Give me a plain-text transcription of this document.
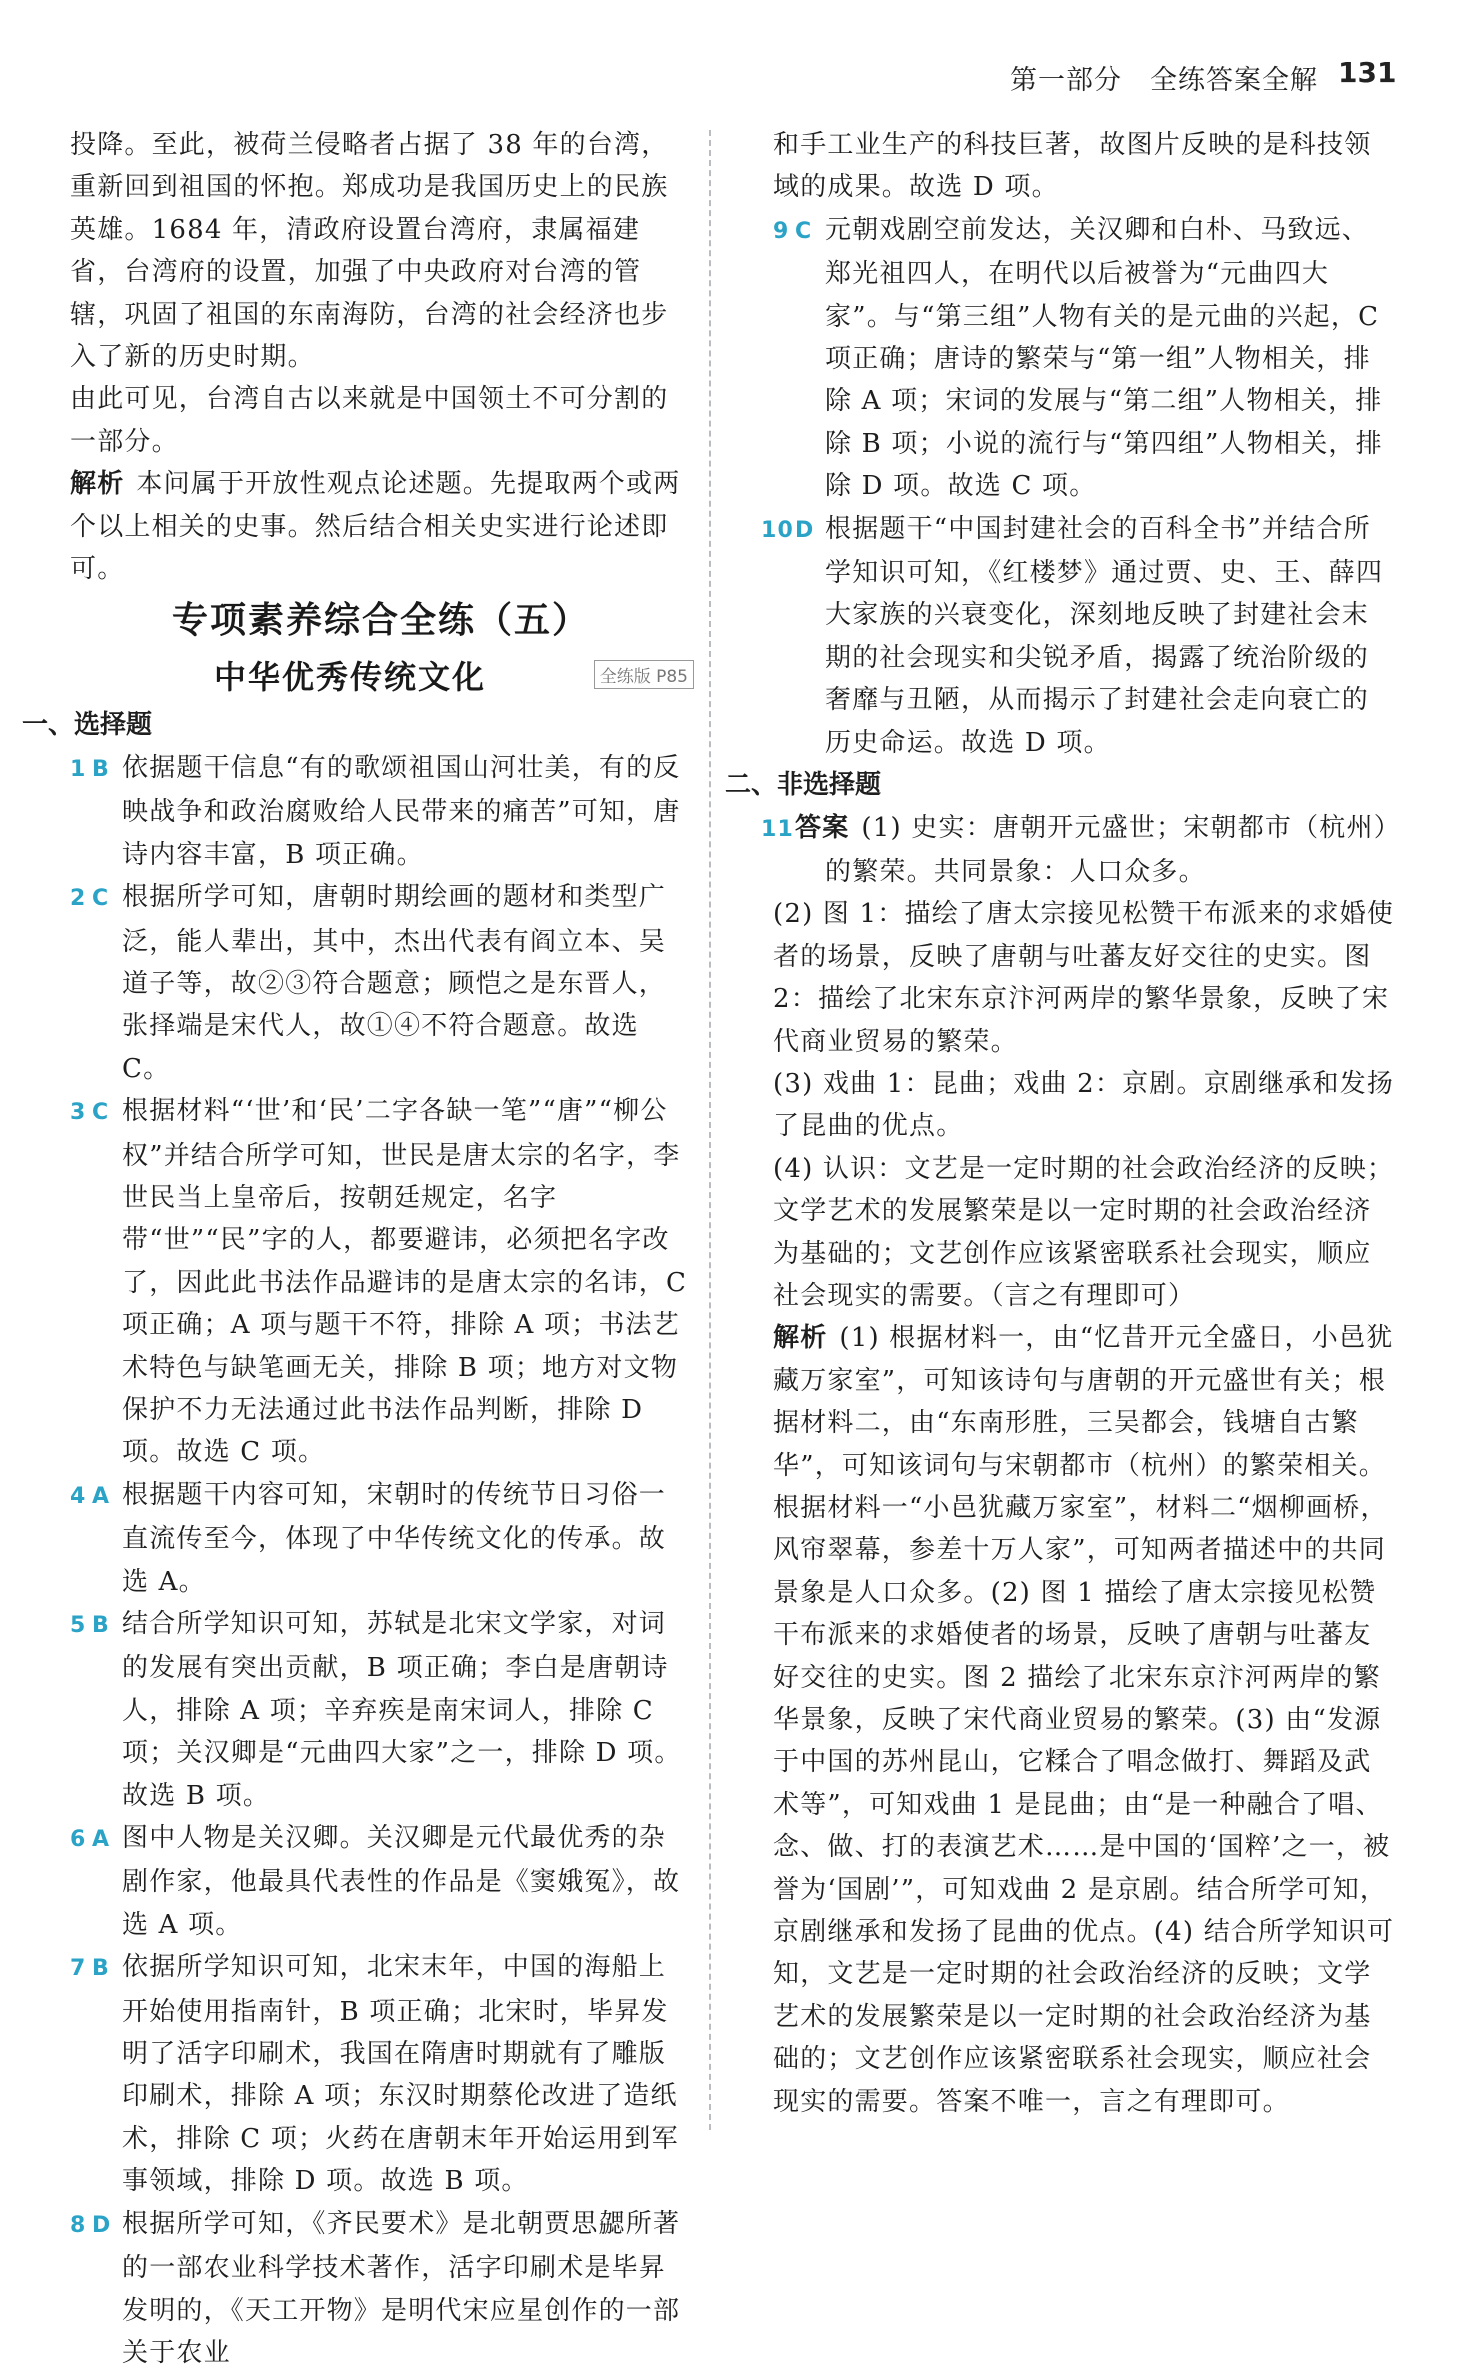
第一部分　全练答案全解 131

投降。至此，被荷兰侵略者占据了 38 年的台湾，重新回到祖国的怀抱。郑成功是我国历史上的民族英雄。1684 年，清政府设置台湾府，隶属福建省，台湾府的设置，加强了中央政府对台湾的管辖，巩固了祖国的东南海防，台湾的社会经济也步入了新的历史时期。

由此可见，台湾自古以来就是中国领土不可分割的一部分。

解析 本问属于开放性观点论述题。先提取两个或两个以上相关的史事。然后结合相关史实进行论述即可。

专项素养综合全练（五）
中华优秀传统文化	全练版 P85
一、选择题
1 B 依据题干信息“有的歌颂祖国山河壮美，有的反映战争和政治腐败给人民带来的痛苦”可知，唐诗内容丰富，B 项正确。
2 C 根据所学可知，唐朝时期绘画的题材和类型广泛，能人辈出，其中，杰出代表有阎立本、吴道子等，故②③符合题意；顾恺之是东晋人，张择端是宋代人，故①④不符合题意。故选 C。
3 C 根据材料“‘世’和‘民’二字各缺一笔”“唐”“柳公权”并结合所学可知，世民是唐太宗的名字，李世民当上皇帝后，按朝廷规定，名字带“世”“民”字的人，都要避讳，必须把名字改了，因此此书法作品避讳的是唐太宗的名讳，C 项正确；A 项与题干不符，排除 A 项；书法艺术特色与缺笔画无关，排除 B 项；地方对文物保护不力无法通过此书法作品判断，排除 D 项。故选 C 项。
4 A 根据题干内容可知，宋朝时的传统节日习俗一直流传至今，体现了中华传统文化的传承。故选 A。
5 B 结合所学知识可知，苏轼是北宋文学家，对词的发展有突出贡献，B 项正确；李白是唐朝诗人，排除 A 项；辛弃疾是南宋词人，排除 C 项；关汉卿是“元曲四大家”之一，排除 D 项。故选 B 项。
6 A 图中人物是关汉卿。关汉卿是元代最优秀的杂剧作家，他最具代表性的作品是《窦娥冤》，故选 A 项。
7 B 依据所学知识可知，北宋末年，中国的海船上开始使用指南针，B 项正确；北宋时，毕昇发明了活字印刷术，我国在隋唐时期就有了雕版印刷术，排除 A 项；东汉时期蔡伦改进了造纸术，排除 C 项；火药在唐朝末年开始运用到军事领域，排除 D 项。故选 B 项。
8 D 根据所学可知，《齐民要术》是北朝贾思勰所著的一部农业科学技术著作，活字印刷术是毕昇发明的，《天工开物》是明代宋应星创作的一部关于农业

和手工业生产的科技巨著，故图片反映的是科技领域的成果。故选 D 项。

9 C 元朝戏剧空前发达，关汉卿和白朴、马致远、郑光祖四人，在明代以后被誉为“元曲四大家”。与“第三组”人物有关的是元曲的兴起，C 项正确；唐诗的繁荣与“第一组”人物相关，排除 A 项；宋词的发展与“第二组”人物相关，排除 B 项；小说的流行与“第四组”人物相关，排除 D 项。故选 C 项。
10D 根据题干“中国封建社会的百科全书”并结合所学知识可知，《红楼梦》通过贾、史、王、薛四大家族的兴衰变化，深刻地反映了封建社会末期的社会现实和尖锐矛盾，揭露了统治阶级的奢靡与丑陋，从而揭示了封建社会走向衰亡的历史命运。故选 D 项。
二、非选择题
11答案 (1) 史实：唐朝开元盛世；宋朝都市（杭州）的繁荣。共同景象：人口众多。

(2) 图 1：描绘了唐太宗接见松赞干布派来的求婚使者的场景，反映了唐朝与吐蕃友好交往的史实。图 2：描绘了北宋东京汴河两岸的繁华景象，反映了宋代商业贸易的繁荣。

(3) 戏曲 1：昆曲；戏曲 2：京剧。京剧继承和发扬了昆曲的优点。

(4) 认识：文艺是一定时期的社会政治经济的反映；文学艺术的发展繁荣是以一定时期的社会政治经济为基础的；文艺创作应该紧密联系社会现实，顺应社会现实的需要。（言之有理即可）

解析 (1) 根据材料一，由“忆昔开元全盛日，小邑犹藏万家室”，可知该诗句与唐朝的开元盛世有关；根据材料二，由“东南形胜，三吴都会，钱塘自古繁华”，可知该词句与宋朝都市（杭州）的繁荣相关。根据材料一“小邑犹藏万家室”，材料二“烟柳画桥，风帘翠幕，参差十万人家”，可知两者描述中的共同景象是人口众多。(2) 图 1 描绘了唐太宗接见松赞干布派来的求婚使者的场景，反映了唐朝与吐蕃友好交往的史实。图 2 描绘了北宋东京汴河两岸的繁华景象，反映了宋代商业贸易的繁荣。(3) 由“发源于中国的苏州昆山，它糅合了唱念做打、舞蹈及武术等”，可知戏曲 1 是昆曲；由“是一种融合了唱、念、做、打的表演艺术……是中国的‘国粹’之一，被誉为‘国剧’”，可知戏曲 2 是京剧。结合所学可知，京剧继承和发扬了昆曲的优点。(4) 结合所学知识可知，文艺是一定时期的社会政治经济的反映；文学艺术的发展繁荣是以一定时期的社会政治经济为基础的；文艺创作应该紧密联系社会现实，顺应社会现实的需要。答案不唯一，言之有理即可。
